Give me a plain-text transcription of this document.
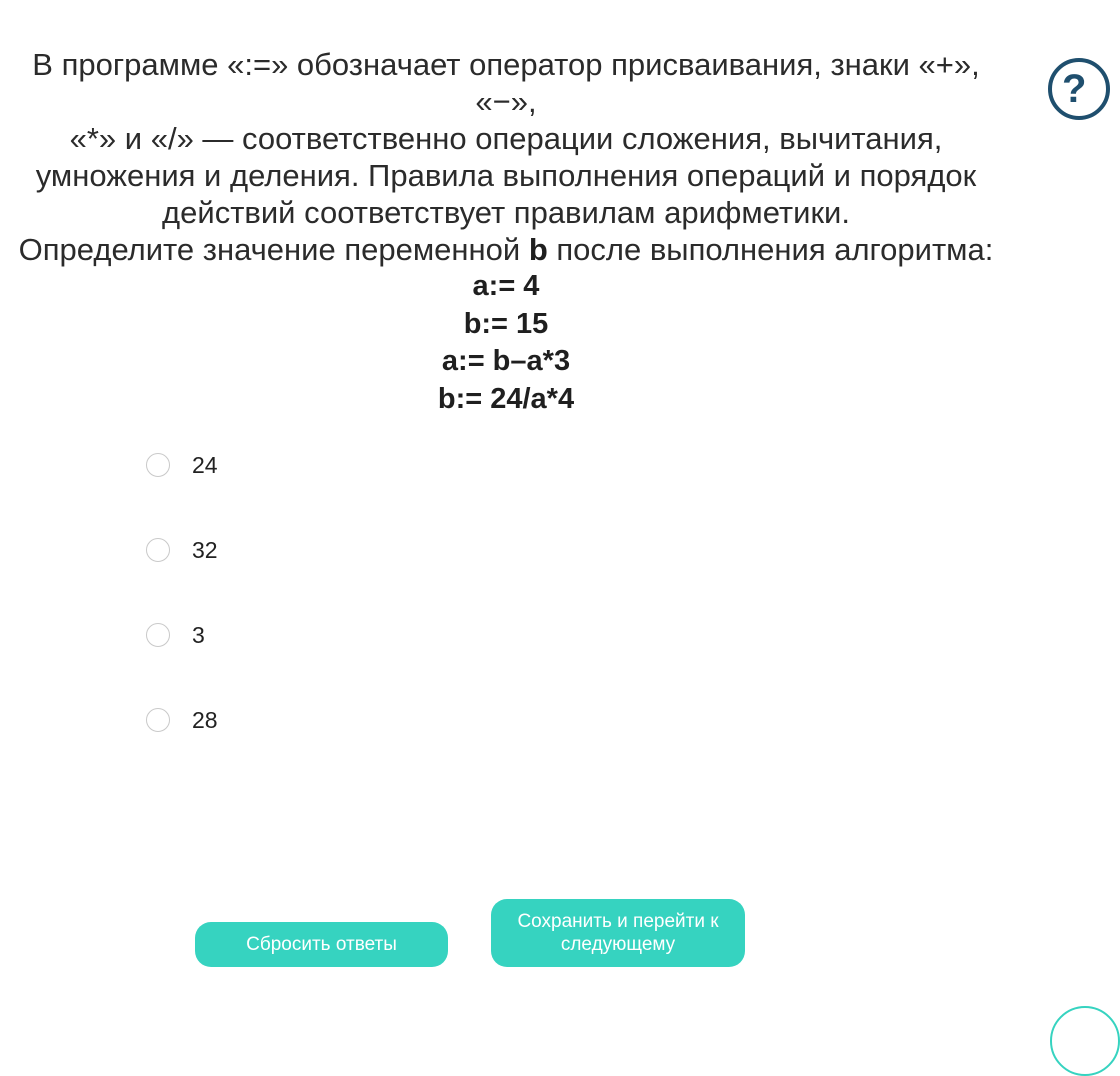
В программе «:=» обозначает оператор присваивания, знаки «+», «−»,

«*» и «/» — соответственно операции сложения, вычитания,

умножения и деления. Правила выполнения операций и порядок

действий соответствует правилам арифметики.

Определите значение переменной b после выполнения алгоритма:

a:= 4
b:= 15
a:= b–a*3
b:= 24/a*4
?
24
32
3
28
Сбросить ответы
Сохранить и перейти к следующему
